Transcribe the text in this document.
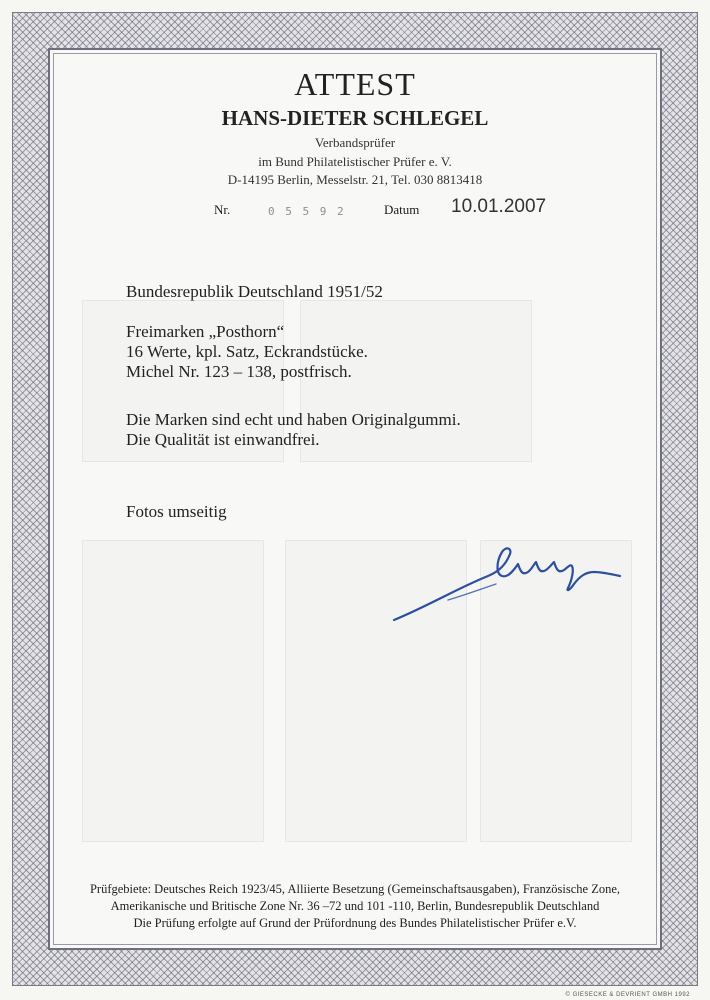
ATTEST
HANS-DIETER SCHLEGEL
Verbandsprüfer
im Bund Philatelistischer Prüfer e. V.
D-14195 Berlin, Messelstr. 21, Tel. 030 8813418
Nr.	0 5 5 9 2	Datum 10.01.2007
Bundesrepublik Deutschland 1951/52
Freimarken „Posthorn“
16 Werte, kpl. Satz, Eckrandstücke.
Michel Nr. 123 – 138, postfrisch.
Die Marken sind echt und haben Originalgummi.
Die Qualität ist einwandfrei.
Fotos umseitig
Prüfgebiete: Deutsches Reich 1923/45, Alliierte Besetzung (Gemeinschaftsausgaben), Französische Zone,
Amerikanische und Britische Zone Nr. 36 –72 und 101 -110, Berlin, Bundesrepublik Deutschland
Die Prüfung erfolgte auf Grund der Prüfordnung des Bundes Philatelistischer Prüfer e.V.
© GIESECKE & DEVRIENT GMBH 1992
